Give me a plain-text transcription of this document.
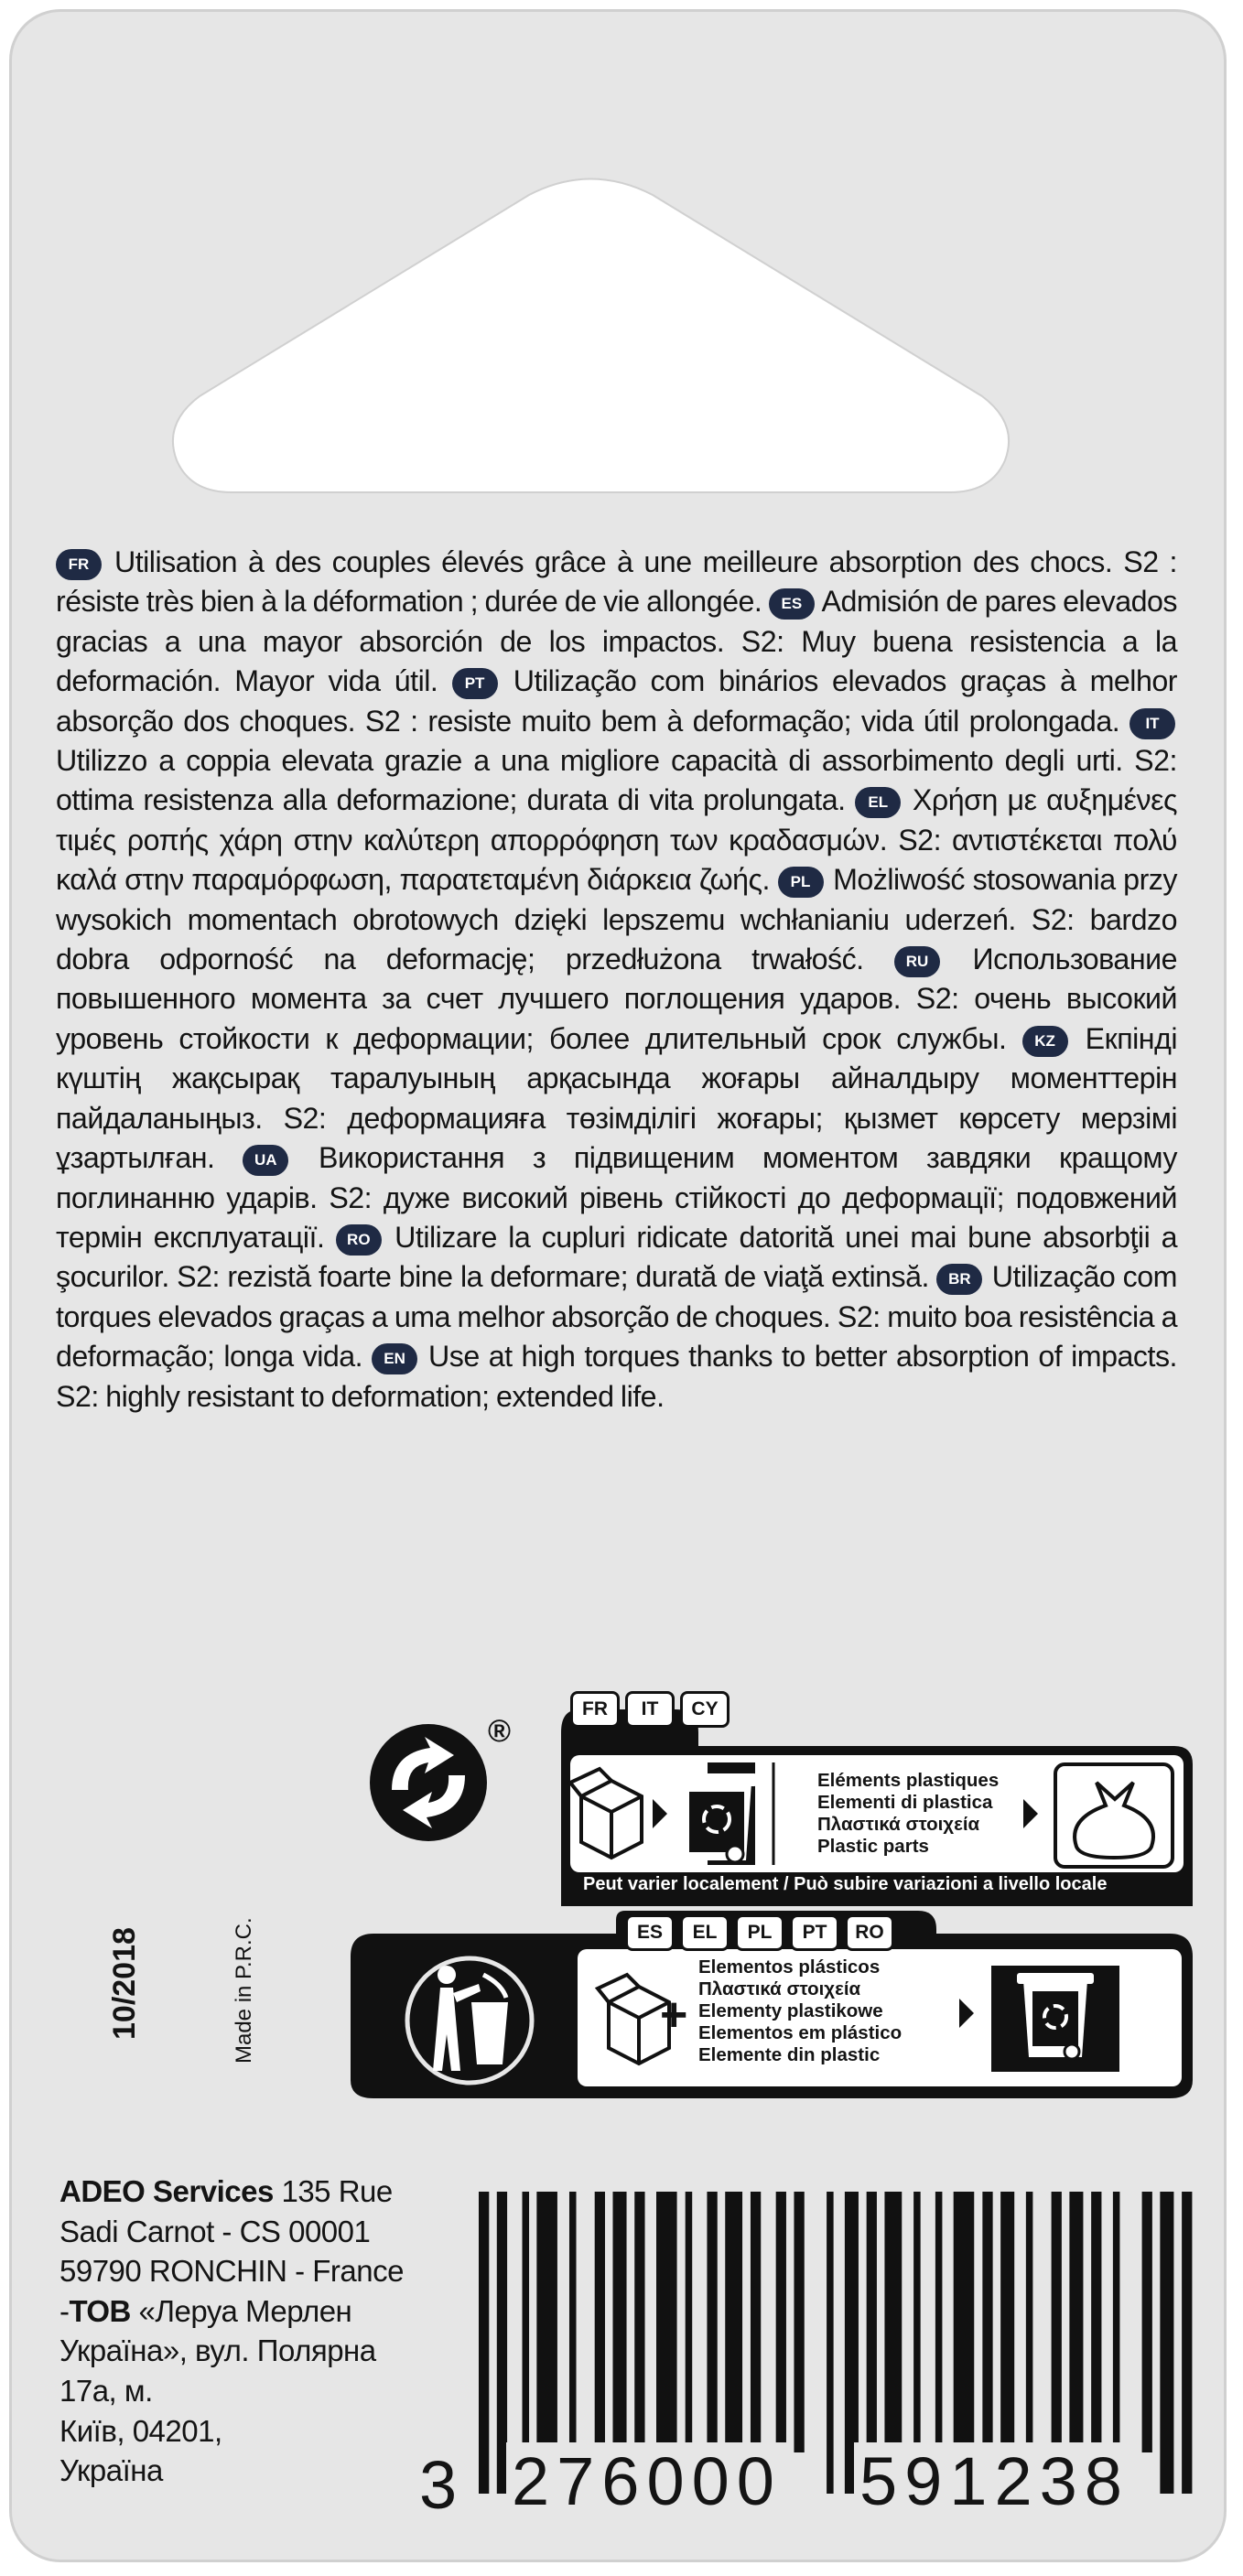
FR Utilisation à des couples élevés grâce à une meilleure absorption des chocs. S2 : résiste très bien à la déformation ; durée de vie allongée. ES Admisión de pares elevados gracias a una mayor absorción de los impactos. S2: Muy buena resistencia a la deformación. Mayor vida útil. PT Utilização com binários elevados graças à melhor absorção dos choques. S2 : resiste muito bem à deformação; vida útil prolongada. IT Utilizzo a coppia elevata grazie a una migliore capacità di assorbimento degli urti. S2: ottima resistenza alla deformazione; durata di vita prolungata. EL Χρήση με αυξημένες τιμές ροπής χάρη στην καλύτερη απορρόφηση των κραδασμών. S2: αντιστέκεται πολύ καλά στην παραμόρφωση, παρατεταμένη διάρκεια ζωής. PL Możliwość stosowania przy wysokich momentach obrotowych dzięki lepszemu wchłanianiu uderzeń. S2: bardzo dobra odporność na deformację; przedłużona trwałość.	RU Использование повышенного момента за счет лучшего поглощения ударов. S2: очень высокий уровень стойкости к деформации; более длительный срок службы. KZ Екпінді күштің жақсырақ таралуының арқасында жоғары айналдыру моменттерін пайдаланыңыз. S2: деформацияға төзімділігі жоғары; қызмет көрсету мерзімі ұзартылған.	UA Використання з підвищеним моментом завдяки кращому поглинанню ударів. S2: дуже високий рівень стійкості до деформації; подовжений термін експлуатації. RO Utilizare la cupluri ridicate datorită unei mai bune absorbţii a şocurilor. S2: rezistă foarte bine la deformare; durată de viaţă extinsă. BR Utilização com torques elevados graças a uma melhor absorção de choques. S2: muito boa resistência a deformação; longa vida. EN Use at high torques thanks to better absorption of impacts. S2: highly resistant to deformation; extended life.
®
FR	IT	CY
Eléments plastiques
Elementi di plastica
Πλαστικά στοιχεία
Plastic parts
Peut varier localement / Può subire variazioni a livello locale
ES	EL	PL	PT	RO
+
Elementos plásticos
Πλαστικά στοιχεία
Elementy plastikowe
Elementos em plástico
Elemente din plastic
10/2018	Made in P.R.C.
ADEO Services 135 Rue
Sadi Carnot - CS 00001
59790 RONCHIN - France
-ТОВ «Леруа Мерлен
Україна», вул. Полярна
17а, м.
Київ, 04201,
Україна	3 276000 591238
